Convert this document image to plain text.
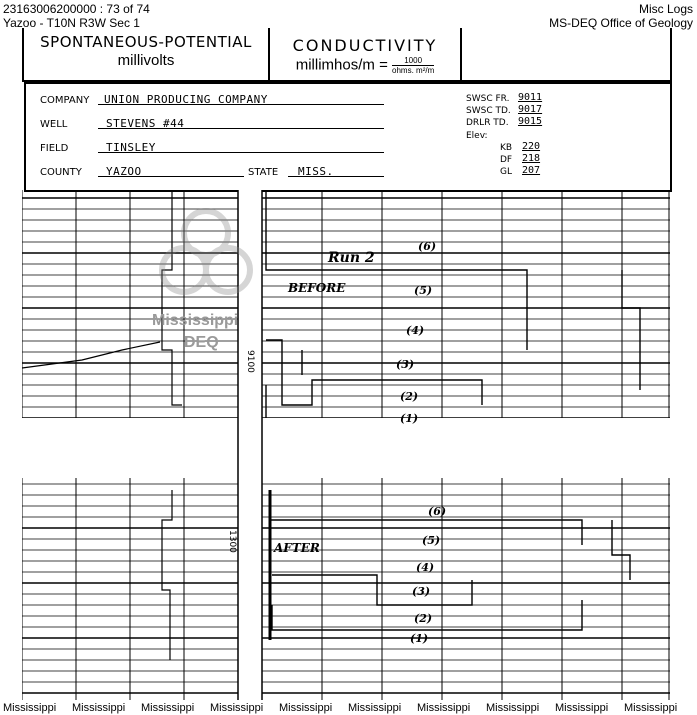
23163006200000 : 73 of 74
Yazoo - T10N R3W Sec 1
Misc Logs
MS-DEQ Office of Geology
SPONTANEOUS-POTENTIAL
millivolts
CONDUCTIVITY
millimhos/m = $\frac{1000}{\text{ohms. m²/m}}$
COMPANY UNION PRODUCING COMPANY
WELL	STEVENS #44
FIELD	TINSLEY
COUNTY YAZOO	STATE MISS.
SWSC FR. 9011
SWSC TD. 9017
DRLR TD. 9015
Elev:
KB 220
DF 218
GL 207
9100
1300
Run 2
BEFORE
AFTER
(6)
(5)
(4)
(3)
(2)
(1)
(6)
(5)
(4)
(3)
(2)
(1)
Mississippi
DEQ
Mississippi Mississippi Mississippi Mississippi Mississippi Mississippi Mississippi Mississippi Mississippi Mississippi
